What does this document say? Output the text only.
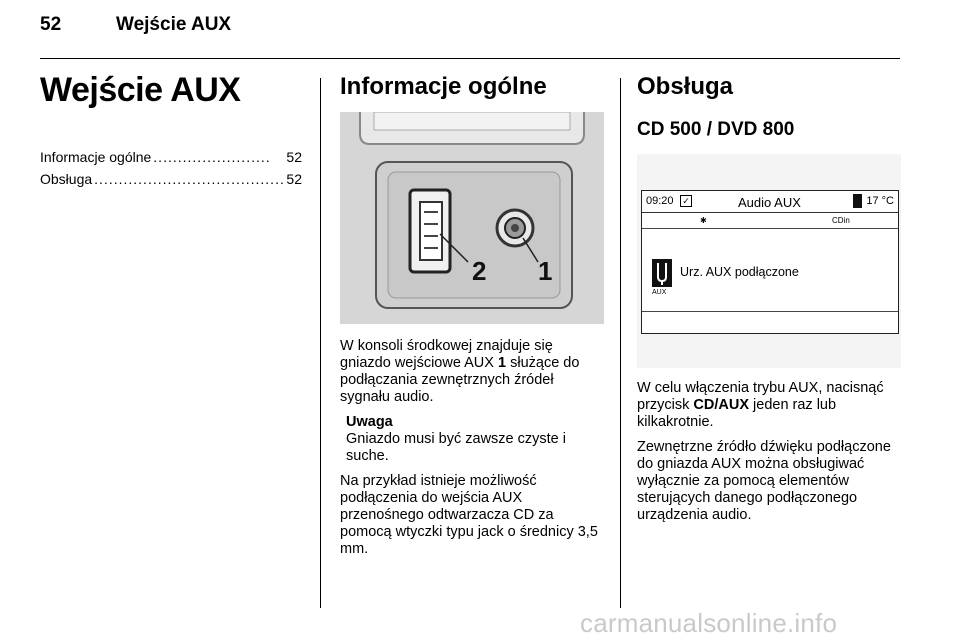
52	Wejście AUX
Wejście AUX
Informacje ogólne ........................	52
Obsługa ....................................... 52
Informacje ogólne
2 1

W konsoli środkowej znajduje się gniazdo wejściowe AUX 1 służące do podłączania zewnętrznych źródeł sygnału audio.

Uwaga
Gniazdo musi być zawsze czyste i suche.

Na przykład istnieje możliwość podłączenia do wejścia AUX przenośnego odtwarzacza CD za pomocą wtyczki typu jack o średnicy 3,5 mm.

Obsługa
CD 500 / DVD 800
09:20 ✓	Audio AUX	17 °C
✱	CDin
AUX
Urz. AUX podłączone

W celu włączenia trybu AUX, nacisnąć przycisk CD/AUX jeden raz lub kilkakrotnie.

Zewnętrzne źródło dźwięku podłączone do gniazda AUX można obsługiwać wyłącznie za pomocą elementów sterujących danego podłączonego urządzenia audio.

carmanualsonline.info
